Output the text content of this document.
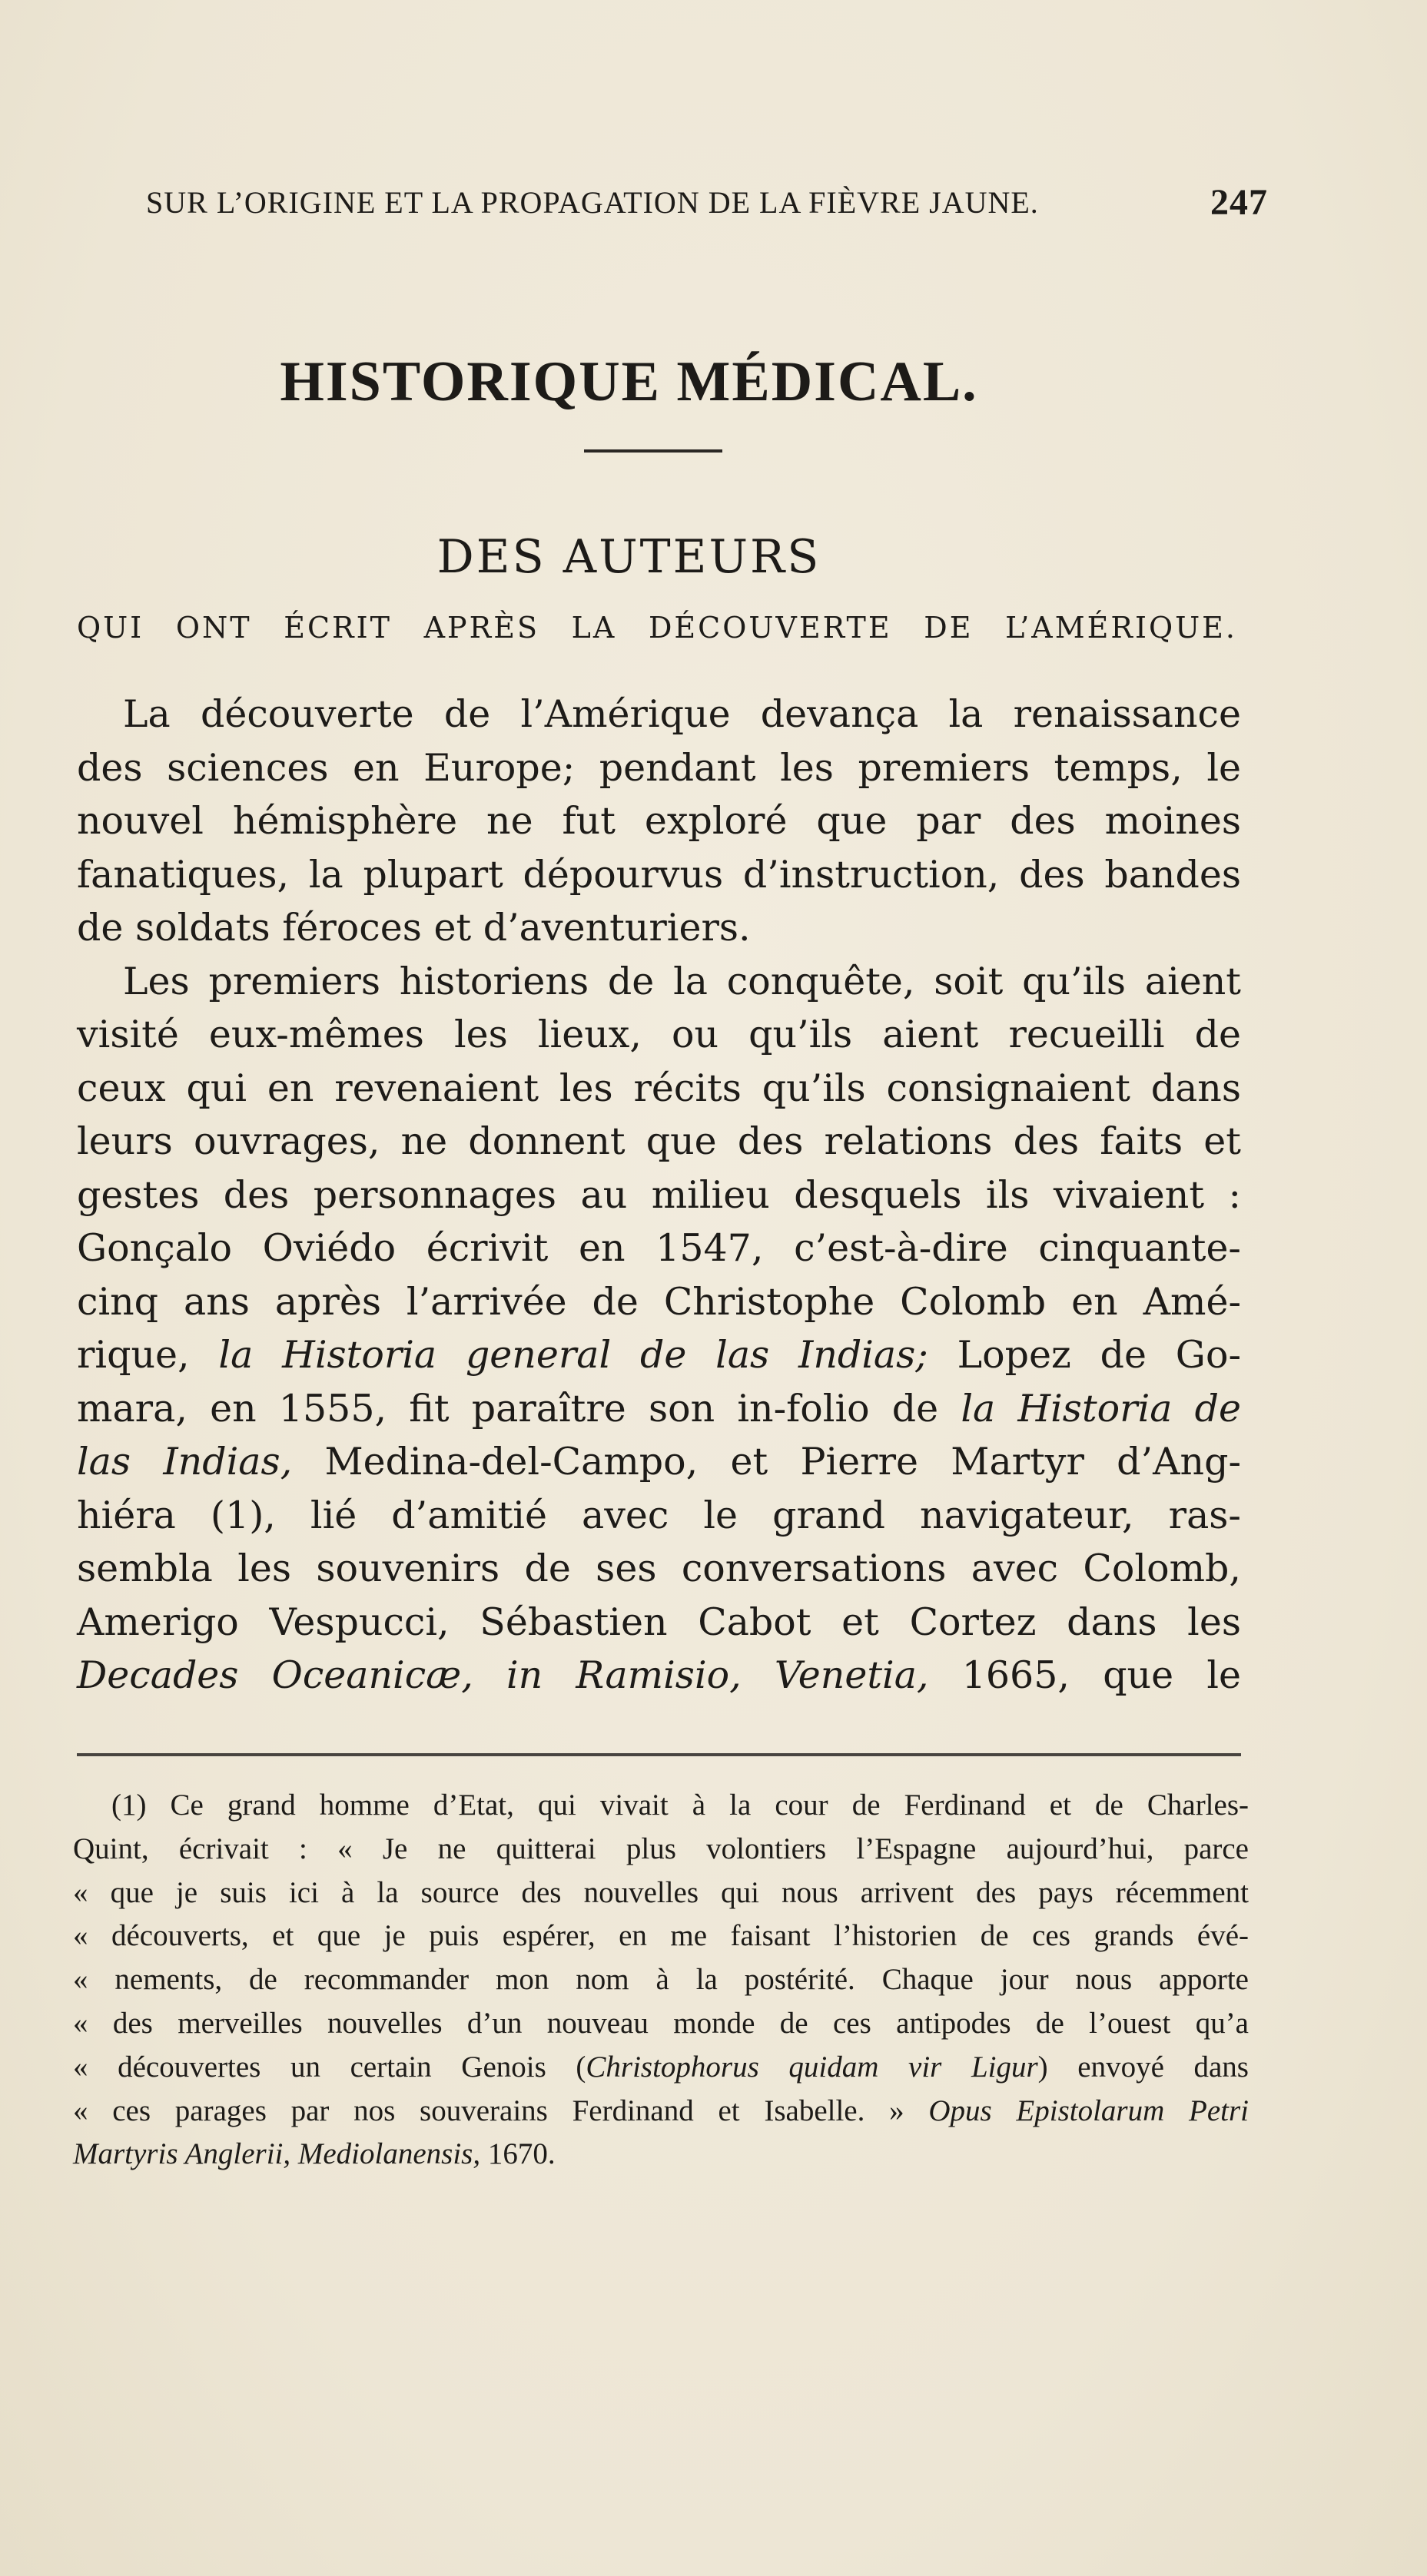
SUR L’ORIGINE ET LA PROPAGATION DE LA FIÈVRE JAUNE.	247
HISTORIQUE MÉDICAL.
DES AUTEURS
QUI ONT ÉCRIT APRÈS LA DÉCOUVERTE DE L’AMÉRIQUE.
La découverte de l’Amérique devança la renaissance
des sciences en Europe; pendant les premiers temps, le
nouvel hémisphère ne fut exploré que par des moines
fanatiques, la plupart dépourvus d’instruction, des bandes
de soldats féroces et d’aventuriers.
Les premiers historiens de la conquête, soit qu’ils aient
visité eux-mêmes les lieux, ou qu’ils aient recueilli de
ceux qui en revenaient les récits qu’ils consignaient dans
leurs ouvrages, ne donnent que des relations des faits et
gestes des personnages au milieu desquels ils vivaient :
Gonçalo Oviédo écrivit en 1547, c’est-à-dire cinquante-
cinq ans après l’arrivée de Christophe Colomb en Amé-
rique, la Historia general de las Indias; Lopez de Go-
mara, en 1555, fit paraître son in-folio de la Historia de
las Indias, Medina-del-Campo, et Pierre Martyr d’Ang-
hiéra (1), lié d’amitié avec le grand navigateur, ras-
sembla les souvenirs de ses conversations avec Colomb,
Amerigo Vespucci, Sébastien Cabot et Cortez dans les
Decades Oceanicæ, in Ramisio, Venetia, 1665, que le
(1) Ce grand homme d’Etat, qui vivait à la cour de Ferdinand et de Charles-
Quint, écrivait : « Je ne quitterai plus volontiers l’Espagne aujourd’hui, parce
« que je suis ici à la source des nouvelles qui nous arrivent des pays récemment
« découverts, et que je puis espérer, en me faisant l’historien de ces grands évé-
« nements, de recommander mon nom à la postérité. Chaque jour nous apporte
« des merveilles nouvelles d’un nouveau monde de ces antipodes de l’ouest qu’a
« découvertes un certain Genois (Christophorus quidam vir Ligur) envoyé dans
« ces parages par nos souverains Ferdinand et Isabelle. » Opus Epistolarum Petri
Martyris Anglerii, Mediolanensis, 1670.
